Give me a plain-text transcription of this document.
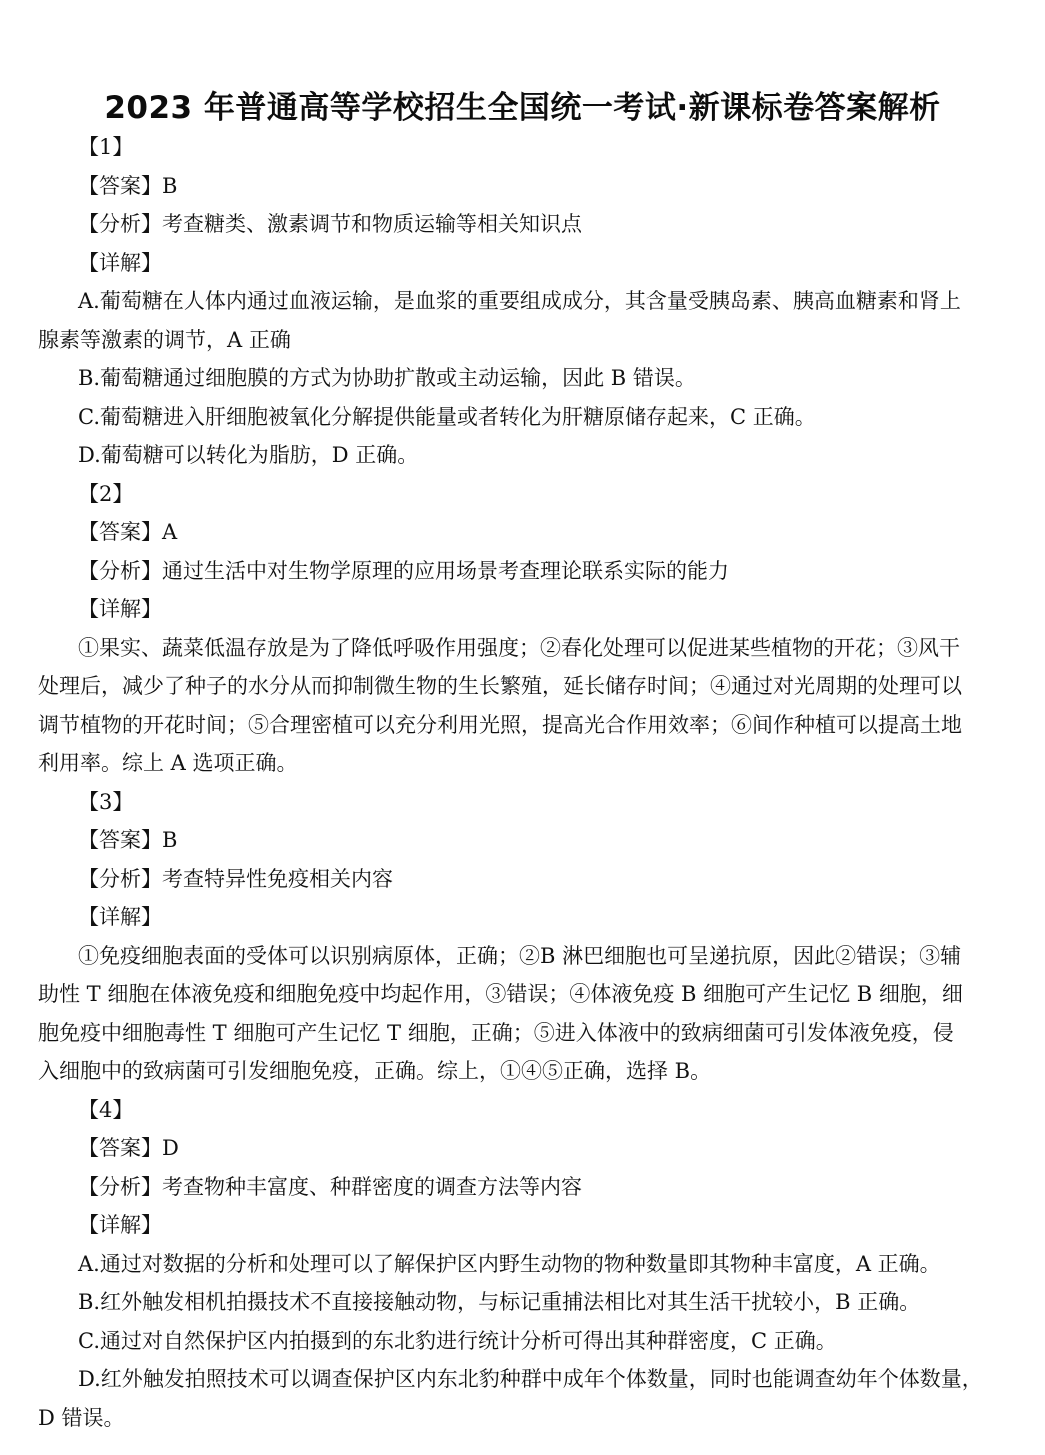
2023 年普通高等学校招生全国统一考试·新课标卷答案解析
【1】
【答案】B
【分析】考查糖类、激素调节和物质运输等相关知识点
【详解】
A.葡萄糖在人体内通过血液运输，是血浆的重要组成成分，其含量受胰岛素、胰高血糖素和肾上
腺素等激素的调节，A 正确
B.葡萄糖通过细胞膜的方式为协助扩散或主动运输，因此 B 错误。
C.葡萄糖进入肝细胞被氧化分解提供能量或者转化为肝糖原储存起来，C 正确。
D.葡萄糖可以转化为脂肪，D 正确。
【2】
【答案】A
【分析】通过生活中对生物学原理的应用场景考查理论联系实际的能力
【详解】
①果实、蔬菜低温存放是为了降低呼吸作用强度；②春化处理可以促进某些植物的开花；③风干
处理后，减少了种子的水分从而抑制微生物的生长繁殖，延长储存时间；④通过对光周期的处理可以
调节植物的开花时间；⑤合理密植可以充分利用光照，提高光合作用效率；⑥间作种植可以提高土地
利用率。综上 A 选项正确。
【3】
【答案】B
【分析】考查特异性免疫相关内容
【详解】
①免疫细胞表面的受体可以识别病原体，正确；②B 淋巴细胞也可呈递抗原，因此②错误；③辅
助性 T 细胞在体液免疫和细胞免疫中均起作用，③错误；④体液免疫 B 细胞可产生记忆 B 细胞，细
胞免疫中细胞毒性 T 细胞可产生记忆 T 细胞，正确；⑤进入体液中的致病细菌可引发体液免疫，侵
入细胞中的致病菌可引发细胞免疫，正确。综上，①④⑤正确，选择 B。
【4】
【答案】D
【分析】考查物种丰富度、种群密度的调查方法等内容
【详解】
A.通过对数据的分析和处理可以了解保护区内野生动物的物种数量即其物种丰富度，A 正确。
B.红外触发相机拍摄技术不直接接触动物，与标记重捕法相比对其生活干扰较小，B 正确。
C.通过对自然保护区内拍摄到的东北豹进行统计分析可得出其种群密度，C 正确。
D.红外触发拍照技术可以调查保护区内东北豹种群中成年个体数量，同时也能调查幼年个体数量，
D 错误。
